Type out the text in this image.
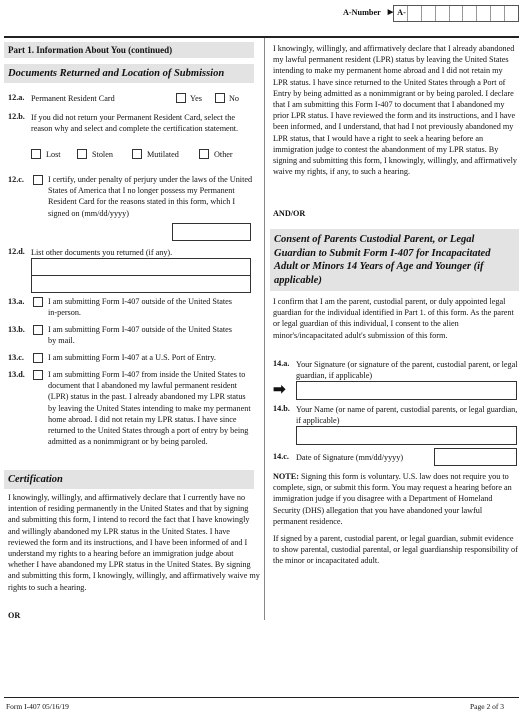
A-Number ► A-
Part 1. Information About You (continued)
Documents Returned and Location of Submission
12.a. Permanent Resident Card	Yes	No
12.b. If you did not return your Permanent Resident Card, select the reason why and select and complete the certification statement.
Lost	Stolen	Mutilated	Other
12.c.	I certify, under penalty of perjury under the laws of the United States of America that I no longer possess my Permanent Resident Card for the reasons stated in this form, which I signed on (mm/dd/yyyy)
12.d. List other documents you returned (if any).
13.a.	I am submitting Form I-407 outside of the United States in-person.
13.b.	I am submitting Form I-407 outside of the United States by mail.
13.c.	I am submitting Form I-407 at a U.S. Port of Entry.
13.d.	I am submitting Form I-407 from inside the United States to document that I abandoned my lawful permanent resident (LPR) status in the past. I already abandoned my LPR status by leaving the United States intending to make my permanent home abroad. I did not retain my LPR status. I have since returned to the United States through a port of entry by being admitted as a nonimmigrant or by being paroled.
Certification
I knowingly, willingly, and affirmatively declare that I currently have no intention of residing permanently in the United States and that by signing and submitting this form, I intend to record the fact that I have knowingly and willingly abandoned my LPR status in the United States. I have reviewed the form and its instructions, and I have been informed of and I understand my rights to a hearing before an immigration judge about whether I have abandoned my LPR status in the United States. By signing and submitting this form, I knowingly, willingly, and affirmatively waive my rights to such a hearing.
OR
I knowingly, willingly, and affirmatively declare that I already abandoned my lawful permanent resident (LPR) status by leaving the United States intending to make my permanent home abroad and I did not retain my LPR status. I have since returned to the United States through a Port of Entry by being admitted as a nonimmigrant or by being paroled. I declare that I am submitting this Form I-407 to document that I abandoned my prior LPR status. I have reviewed the form and its instructions, and I have been informed, and I understand, that had I not previously abandoned my LPR status, that I would have a right to seek a hearing before an immigration judge to contest the abandonment of my LPR status. By signing and submitting this form, I knowingly, willingly, and affirmatively waive my rights, if any, to such a hearing.
AND/OR
Consent of Parents Custodial Parent, or Legal Guardian to Submit Form I-407 for Incapacitated Adult or Minors 14 Years of Age and Younger (if applicable)
I confirm that I am the parent, custodial parent, or duly appointed legal guardian for the individual identified in Part 1. of this form. As the parent or legal guardian of this individual, I consent to the alien minor's/incapacitated adult's submission of this form.
14.a. Your Signature (or signature of the parent, custodial parent, or legal guardian, if applicable)
➡
14.b. Your Name (or name of parent, custodial parents, or legal guardian, if applicable)
14.c. Date of Signature (mm/dd/yyyy)

NOTE: Signing this form is voluntary. U.S. law does not require you to complete, sign, or submit this form. You may request a hearing before an immigration judge if you disagree with a Department of Homeland Security (DHS) allegation that you have abandoned your lawful permanent residence.

If signed by a parent, custodial parent, or legal guardian, submit evidence to show parental, custodial parental, or legal guardianship responsibility of the minor or incapacitated adult.
Form I-407 05/16/19	Page 2 of 3
